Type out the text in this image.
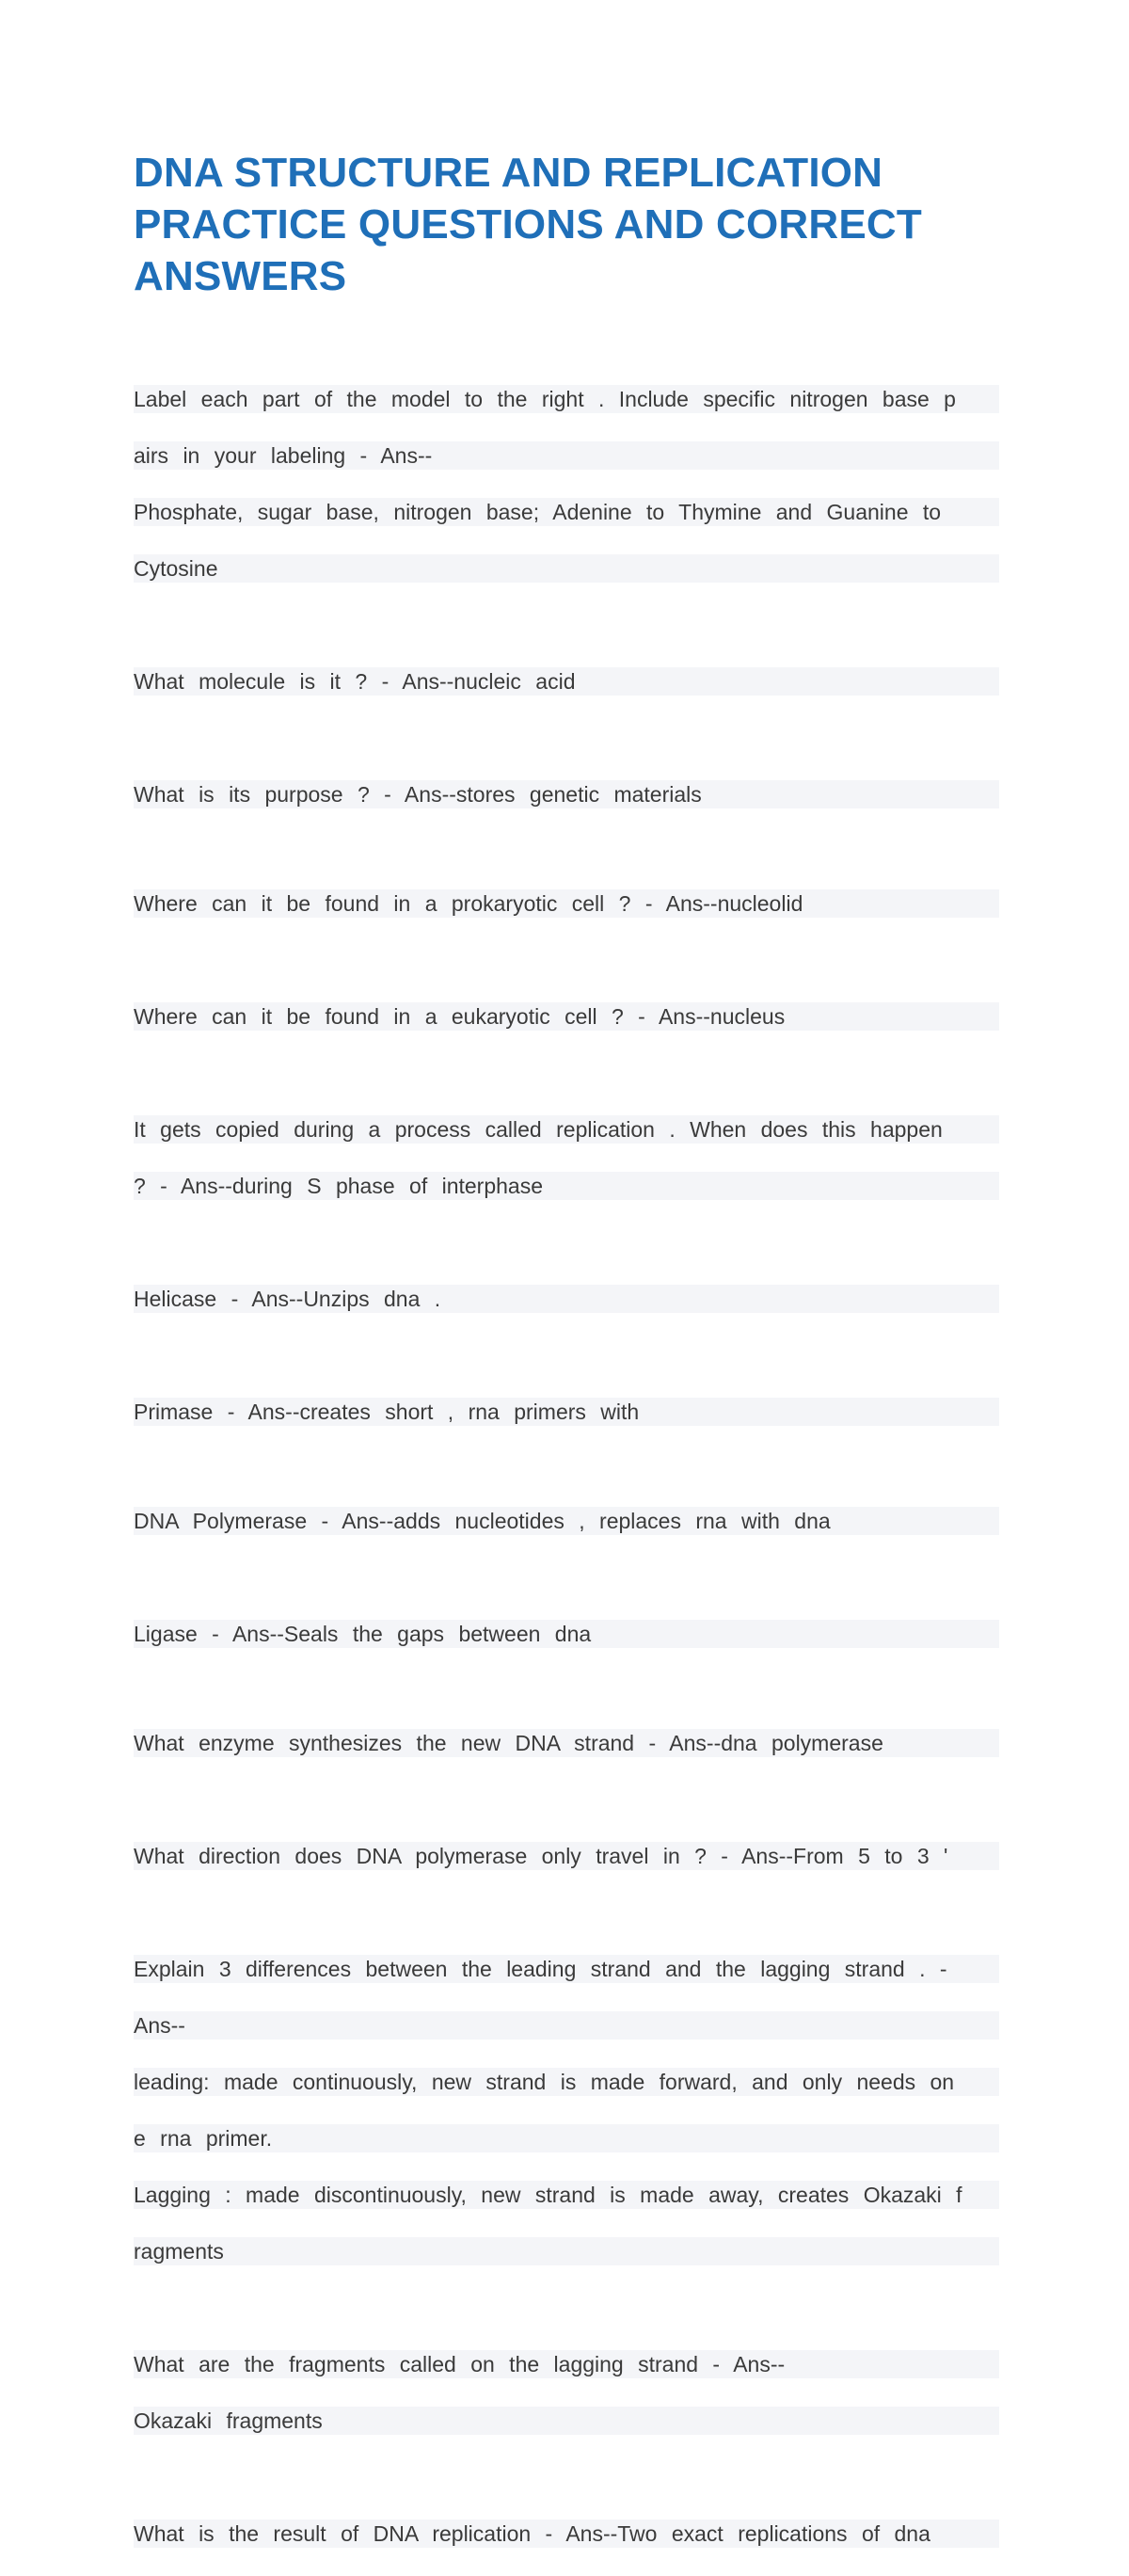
DNA STRUCTURE AND REPLICATION PRACTICE QUESTIONS AND CORRECT ANSWERS

Label each part of the model to the right . Include specific nitrogen base p

airs in your labeling - Ans--

Phosphate, sugar base, nitrogen base; Adenine to Thymine and Guanine to

Cytosine

What molecule is it ? - Ans--nucleic acid

What is its purpose ? - Ans--stores genetic materials

Where can it be found in a prokaryotic cell ? - Ans--nucleolid

Where can it be found in a eukaryotic cell ? - Ans--nucleus

It gets copied during a process called replication . When does this happen

? - Ans--during S phase of interphase

Helicase - Ans--Unzips dna .

Primase - Ans--creates short , rna primers with

DNA Polymerase - Ans--adds nucleotides , replaces rna with dna

Ligase - Ans--Seals the gaps between dna

What enzyme synthesizes the new DNA strand - Ans--dna polymerase

What direction does DNA polymerase only travel in ? - Ans--From 5 to 3 '

Explain 3 differences between the leading strand and the lagging strand . -

Ans--

leading: made continuously, new strand is made forward, and only needs on

e rna primer.

Lagging : made discontinuously, new strand is made away, creates Okazaki f

ragments

What are the fragments called on the lagging strand - Ans--

Okazaki fragments

What is the result of DNA replication - Ans--Two exact replications of dna
